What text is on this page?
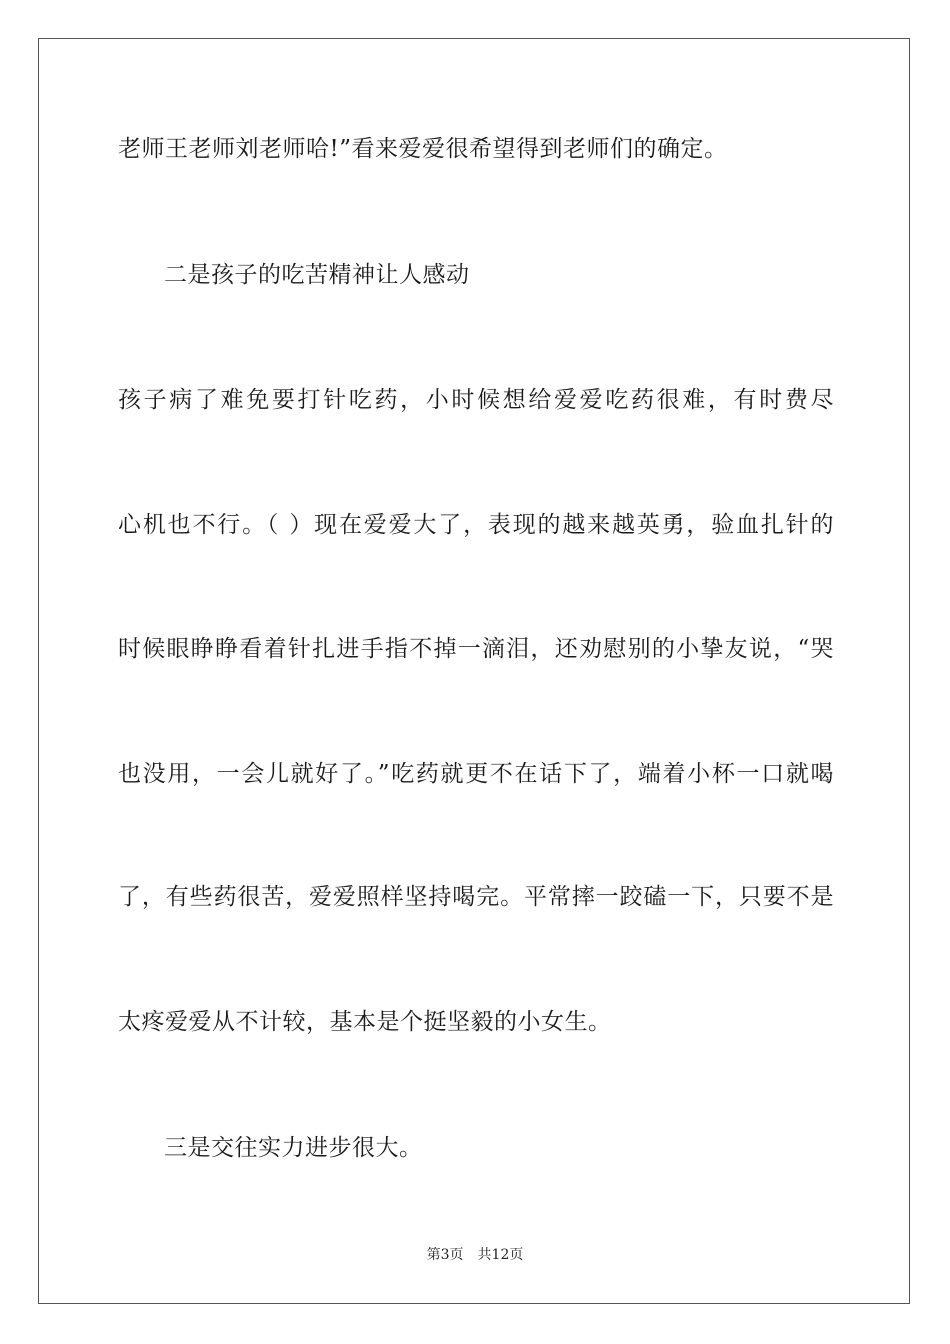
老师王老师刘老师哈!”看来爱爱很希望得到老师们的确定。
二是孩子的吃苦精神让人感动
孩子病了难免要打针吃药，小时候想给爱爱吃药很难，有时费尽
心机也不行。（ ）现在爱爱大了，表现的越来越英勇，验血扎针的
时候眼睁睁看着针扎进手指不掉一滴泪，还劝慰别的小挚友说，“哭
也没用，一会儿就好了。”吃药就更不在话下了，端着小杯一口就喝
了，有些药很苦，爱爱照样坚持喝完。平常摔一跤磕一下，只要不是
太疼爱爱从不计较，基本是个挺坚毅的小女生。
三是交往实力进步很大。
第3页　共12页
